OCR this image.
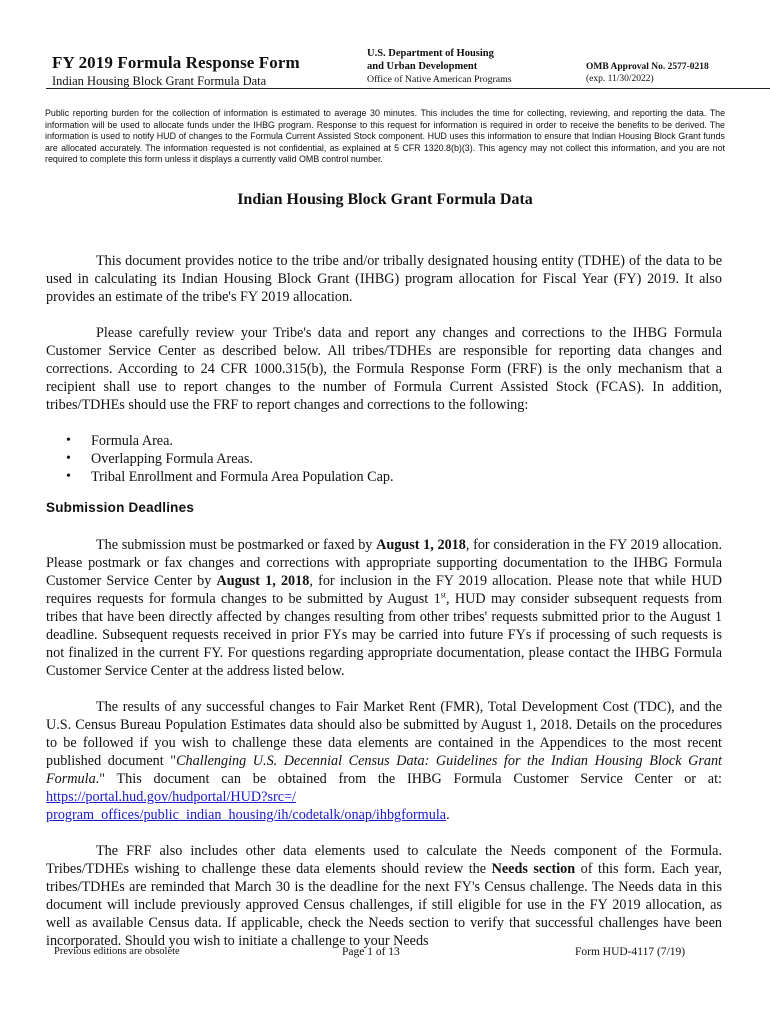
FY 2019 Formula Response Form
Indian Housing Block Grant Formula Data
U.S. Department of Housing
and Urban Development
Office of Native American Programs
OMB Approval No. 2577-0218
(exp. 11/30/2022)
Public reporting burden for the collection of information is estimated to average 30 minutes. This includes the time for collecting, reviewing, and reporting the data. The information will be used to allocate funds under the IHBG program. Response to this request for information is required in order to receive the benefits to be derived. The information is used to notify HUD of changes to the Formula Current Assisted Stock component. HUD uses this information to ensure that Indian Housing Block Grant funds are allocated accurately. The information requested is not confidential, as explained at 5 CFR 1320.8(b)(3). This agency may not collect this information, and you are not required to complete this form unless it displays a currently valid OMB control number.
Indian Housing Block Grant Formula Data

This document provides notice to the tribe and/or tribally designated housing entity (TDHE) of the data to be used in calculating its Indian Housing Block Grant (IHBG) program allocation for Fiscal Year (FY) 2019. It also provides an estimate of the tribe's FY 2019 allocation.

Please carefully review your Tribe's data and report any changes and corrections to the IHBG Formula Customer Service Center as described below. All tribes/TDHEs are responsible for reporting data changes and corrections. According to 24 CFR 1000.315(b), the Formula Response Form (FRF) is the only mechanism that a recipient shall use to report changes to the number of Formula Current Assisted Stock (FCAS). In addition, tribes/TDHEs should use the FRF to report changes and corrections to the following:

• Formula Area.
• Overlapping Formula Areas.
• Tribal Enrollment and Formula Area Population Cap.
Submission Deadlines

The submission must be postmarked or faxed by August 1, 2018, for consideration in the FY 2019 allocation. Please postmark or fax changes and corrections with appropriate supporting documentation to the IHBG Formula Customer Service Center by August 1, 2018, for inclusion in the FY 2019 allocation. Please note that while HUD requires requests for formula changes to be submitted by August 1st, HUD may consider subsequent requests from tribes that have been directly affected by changes resulting from other tribes' requests submitted prior to the August 1 deadline. Subsequent requests received in prior FYs may be carried into future FYs if processing of such requests is not finalized in the current FY. For questions regarding appropriate documentation, please contact the IHBG Formula Customer Service Center at the address listed below.

The results of any successful changes to Fair Market Rent (FMR), Total Development Cost (TDC), and the U.S. Census Bureau Population Estimates data should also be submitted by August 1, 2018. Details on the procedures to be followed if you wish to challenge these data elements are contained in the Appendices to the most recent published document "Challenging U.S. Decennial Census Data: Guidelines for the Indian Housing Block Grant Formula." This document can be obtained from the IHBG Formula Customer Service Center or at: https://portal.hud.gov/hudportal/HUD?src=/
program_offices/public_indian_housing/ih/codetalk/onap/ihbgformula.

The FRF also includes other data elements used to calculate the Needs component of the Formula. Tribes/TDHEs wishing to challenge these data elements should review the Needs section of this form. Each year, tribes/TDHEs are reminded that March 30 is the deadline for the next FY's Census challenge. The Needs data in this document will include previously approved Census challenges, if still eligible for use in the FY 2019 allocation, as well as available Census data. If applicable, check the Needs section to verify that successful challenges have been incorporated. Should you wish to initiate a challenge to your Needs

Previous editions are obsolete	Page 1 of 13	Form HUD-4117 (7/19)
